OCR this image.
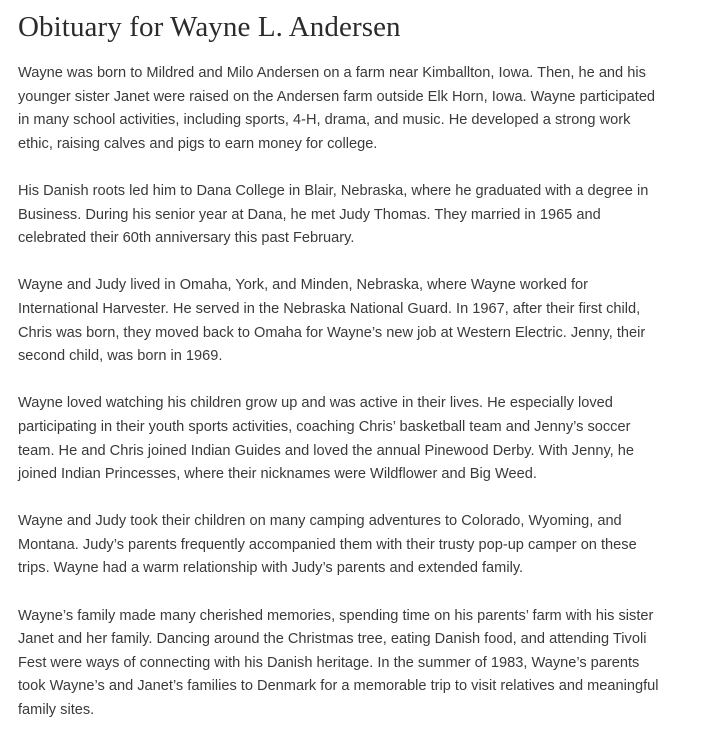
Obituary for Wayne L. Andersen

Wayne was born to Mildred and Milo Andersen on a farm near Kimballton, Iowa. Then, he and his
younger sister Janet were raised on the Andersen farm outside Elk Horn, Iowa. Wayne participated
in many school activities, including sports, 4-H, drama, and music. He developed a strong work
ethic, raising calves and pigs to earn money for college.

His Danish roots led him to Dana College in Blair, Nebraska, where he graduated with a degree in
Business. During his senior year at Dana, he met Judy Thomas. They married in 1965 and
celebrated their 60th anniversary this past February.

Wayne and Judy lived in Omaha, York, and Minden, Nebraska, where Wayne worked for
International Harvester. He served in the Nebraska National Guard. In 1967, after their first child,
Chris was born, they moved back to Omaha for Wayne’s new job at Western Electric. Jenny, their
second child, was born in 1969.

Wayne loved watching his children grow up and was active in their lives. He especially loved
participating in their youth sports activities, coaching Chris’ basketball team and Jenny’s soccer
team. He and Chris joined Indian Guides and loved the annual Pinewood Derby. With Jenny, he
joined Indian Princesses, where their nicknames were Wildflower and Big Weed.

Wayne and Judy took their children on many camping adventures to Colorado, Wyoming, and
Montana. Judy’s parents frequently accompanied them with their trusty pop-up camper on these
trips. Wayne had a warm relationship with Judy’s parents and extended family.

Wayne’s family made many cherished memories, spending time on his parents’ farm with his sister
Janet and her family. Dancing around the Christmas tree, eating Danish food, and attending Tivoli
Fest were ways of connecting with his Danish heritage. In the summer of 1983, Wayne’s parents
took Wayne’s and Janet’s families to Denmark for a memorable trip to visit relatives and meaningful
family sites.
